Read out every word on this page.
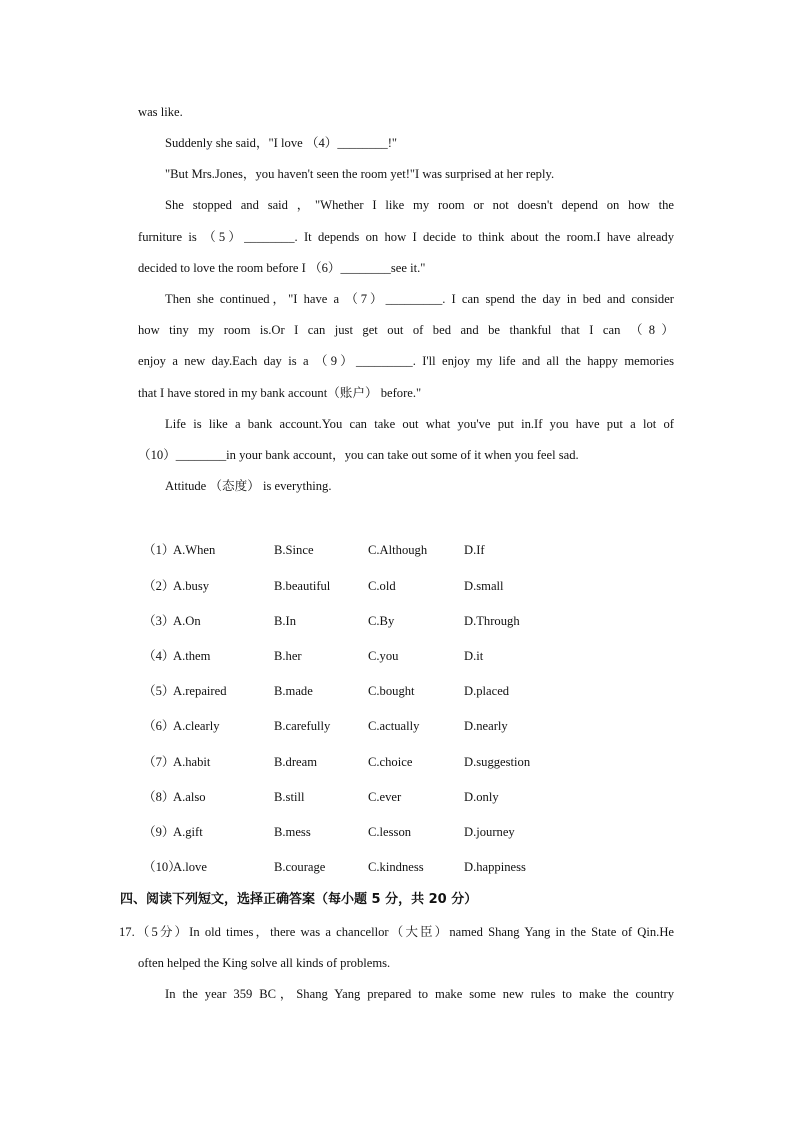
was like.
Suddenly she said，"I love （4）________!"
"But Mrs.Jones，you haven't seen the room yet!"I was surprised at her reply.
She stopped and said ，"Whether I like my room or not doesn't depend on how the
furniture is （5）________. It depends on how I decide to think about the room.I have already
decided to love the room before I （6）________see it."
Then she continued，"I have a （7）_________. I can spend the day in bed and consider
how tiny my room is.Or I can just get out of bed and be thankful that I can （8）
enjoy a new day.Each day is a （9）_________. I'll enjoy my life and all the happy memories
that I have stored in my bank account（账户） before."
Life is like a bank account.You can take out what you've put in.If you have put a lot of
（10）________in your bank account，you can take out some of it when you feel sad.
Attitude （态度） is everything.
（1）
A.When	B.Since	C.Although	D.If
（2）
A.busy	B.beautiful	C.old	D.small
（3）
A.On	B.In	C.By	D.Through
（4）
A.them	B.her	C.you	D.it
（5）
A.repaired	B.made	C.bought	D.placed
（6）
A.clearly	B.carefully	C.actually	D.nearly
（7）
A.habit	B.dream	C.choice	D.suggestion
（8）
A.also	B.still	C.ever	D.only
（9）
A.gift	B.mess	C.lesson	D.journey
（10）
A.love	B.courage	C.kindness	D.happiness
四、阅读下列短文，选择正确答案（每小题 5 分，共 20 分）
17.（5分）In old times，there was a chancellor（大臣）named Shang Yang in the State of Qin.He
often helped the King solve all kinds of problems.
In the year 359 BC，Shang Yang prepared to make some new rules to make the country
